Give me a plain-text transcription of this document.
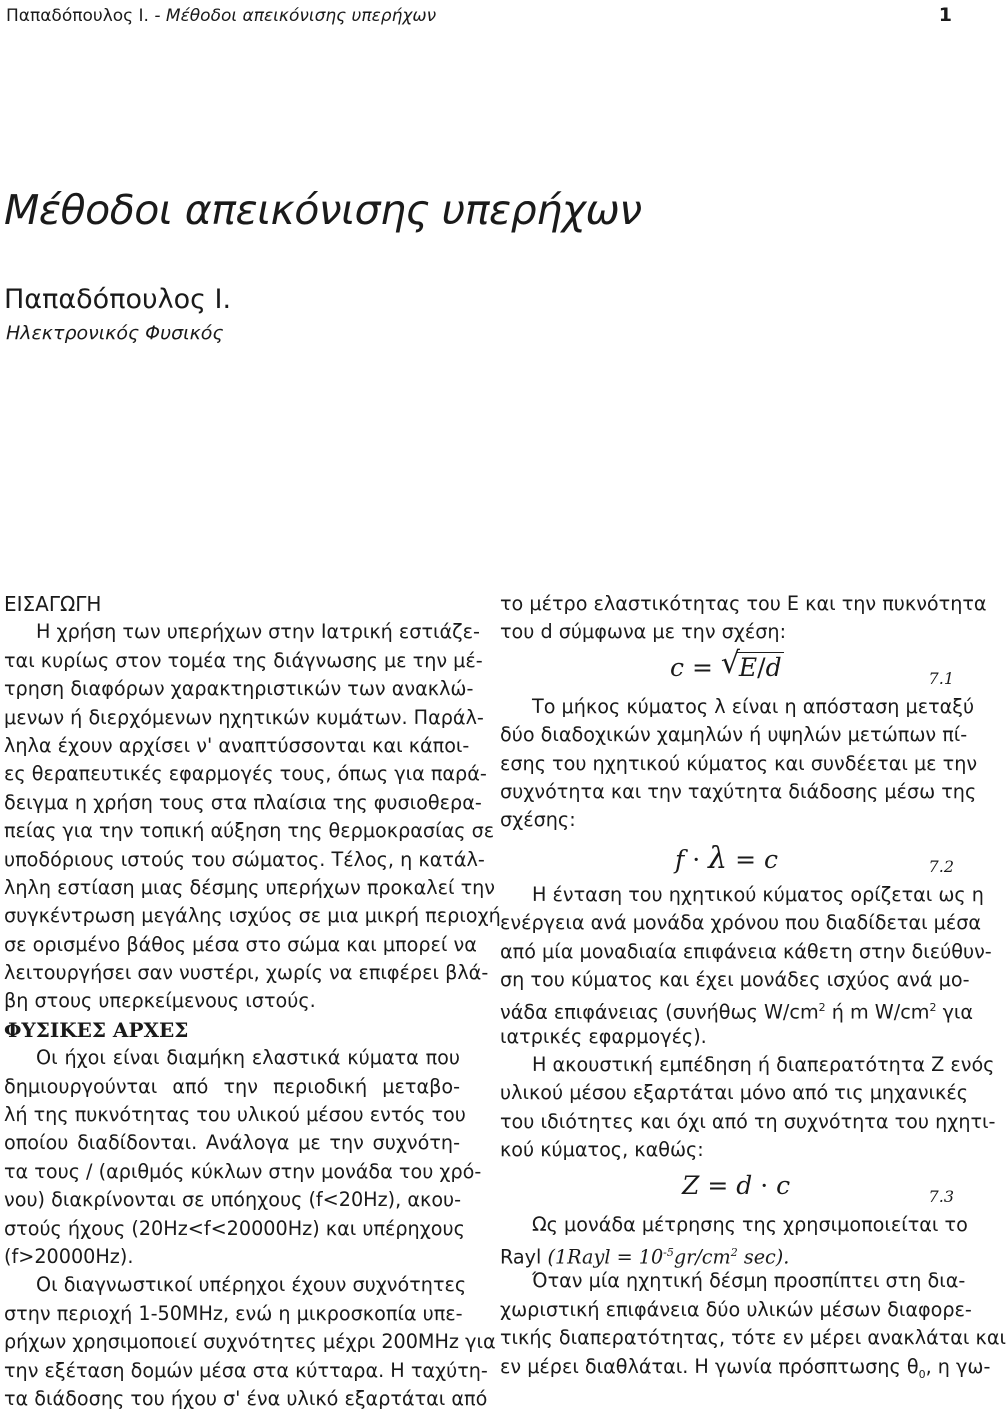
Παπαδόπουλος Ι. - Μέθοδοι απεικόνισης υπερήχων	1
Μέθοδοι απεικόνισης υπερήχων
Παπαδόπουλος Ι.
Ηλεκτρονικός Φυσικός
ΕΙΣΑΓΩΓΗ
Η χρήση των υπερήχων στην Ιατρική εστιάζε-
ται κυρίως στον τομέα της διάγνωσης με την μέ-
τρηση διαφόρων χαρακτηριστικών των ανακλώ-
μενων ή διερχόμενων ηχητικών κυμάτων. Παράλ-
ληλα έχουν αρχίσει ν' αναπτύσσονται και κάποι-
ες θεραπευτικές εφαρμογές τους, όπως για παρά-
δειγμα η χρήση τους στα πλαίσια της φυσιοθερα-
πείας για την τοπική αύξηση της θερμοκρασίας σε
υποδόριους ιστούς του σώματος. Τέλος, η κατάλ-
ληλη εστίαση μιας δέσμης υπερήχων προκαλεί την
συγκέντρωση μεγάλης ισχύος σε μια μικρή περιοχή
σε ορισμένο βάθος μέσα στο σώμα και μπορεί να
λειτουργήσει σαν νυστέρι, χωρίς να επιφέρει βλά-
βη στους υπερκείμενους ιστούς.
ΦΥΣΙΚΕΣ ΑΡΧΕΣ
Οι ήχοι είναι διαμήκη ελαστικά κύματα που
δημιουργούνται από την περιοδική μεταβο-
λή της πυκνότητας του υλικού μέσου εντός του
οποίου διαδίδονται. Ανάλογα με την συχνότη-
τα τους / (αριθμός κύκλων στην μονάδα του χρό-
νου) διακρίνονται σε υπόηχους (f<20Hz), ακου-
στούς ήχους (20Hz<f<20000Hz) και υπέρηχους
(f>20000Hz).
Οι διαγνωστικοί υπέρηχοι έχουν συχνότητες
στην περιοχή 1-50MHz, ενώ η μικροσκοπία υπε-
ρήχων χρησιμοποιεί συχνότητες μέχρι 200MHz για
την εξέταση δομών μέσα στα κύτταρα. Η ταχύτη-
τα διάδοσης του ήχου σ' ένα υλικό εξαρτάται από
το μέτρο ελαστικότητας του Ε και την πυκνότητα
του d σύμφωνα με την σχέση:
c = √
E/d	7.1
Το μήκος κύματος λ είναι η απόσταση μεταξύ
δύο διαδοχικών χαμηλών ή υψηλών μετώπων πί-
εσης του ηχητικού κύματος και συνδέεται με την
συχνότητα και την ταχύτητα διάδοσης μέσω της
σχέσης:
f · λ = c	7.2
Η ένταση του ηχητικού κύματος ορίζεται ως η
ενέργεια ανά μονάδα χρόνου που διαδίδεται μέσα
από μία μοναδιαία επιφάνεια κάθετη στην διεύθυν-
ση του κύματος και έχει μονάδες ισχύος ανά μο-
νάδα επιφάνειας (συνήθως $W/cm^2$ ή m $W/cm^2$ για
ιατρικές εφαρμογές).
Η ακουστική εμπέδηση ή διαπερατότητα Ζ ενός
υλικού μέσου εξαρτάται μόνο από τις μηχανικές
του ιδιότητες και όχι από τη συχνότητα του ηχητι-
κού κύματος, καθώς:
Z = d · c	7.3
Ως μονάδα μέτρησης της χρησιμοποιείται το
Rayl (1Rayl = $10^{-5}gr/cm^2$ sec).
Όταν μία ηχητική δέσμη προσπίπτει στη δια-
χωριστική επιφάνεια δύο υλικών μέσων διαφορε-
τικής διαπερατότητας, τότε εν μέρει ανακλάται και
εν μέρει διαθλάται. Η γωνία πρόσπτωσης $\theta_0$, η γω-
